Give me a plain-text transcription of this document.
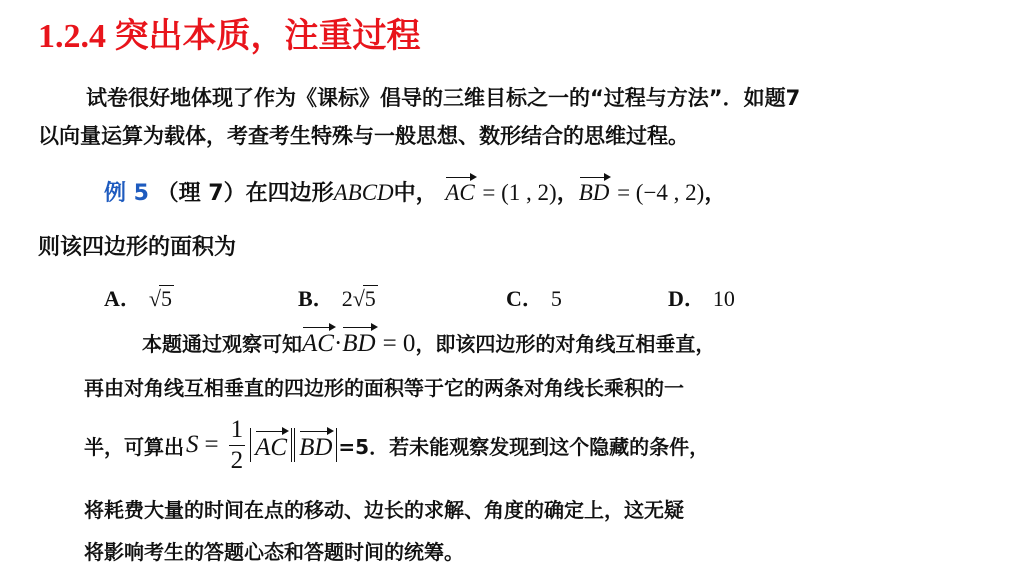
1.2.4 突出本质，注重过程
试卷很好地体现了作为《课标》倡导的三维目标之一的“过程与方法”．如题7
以向量运算为载体，考查考生特殊与一般思想、数形结合的思维过程。
例 5 （理 7）在四边形ABCD中， AC = (1 , 2)，BD = (−4 , 2)，
则该四边形的面积为
A． √5	B． 2√5	C． 5	D． 10
本题通过观察可知AC·BD = 0，即该四边形的对角线互相垂直，
再由对角线互相垂直的四边形的面积等于它的两条对角线长乘积的一
半，可算出 $S = \frac{1}{2}$ AC BD =5．若未能观察发现到这个隐藏的条件，
将耗费大量的时间在点的移动、边长的求解、角度的确定上，这无疑
将影响考生的答题心态和答题时间的统筹。
